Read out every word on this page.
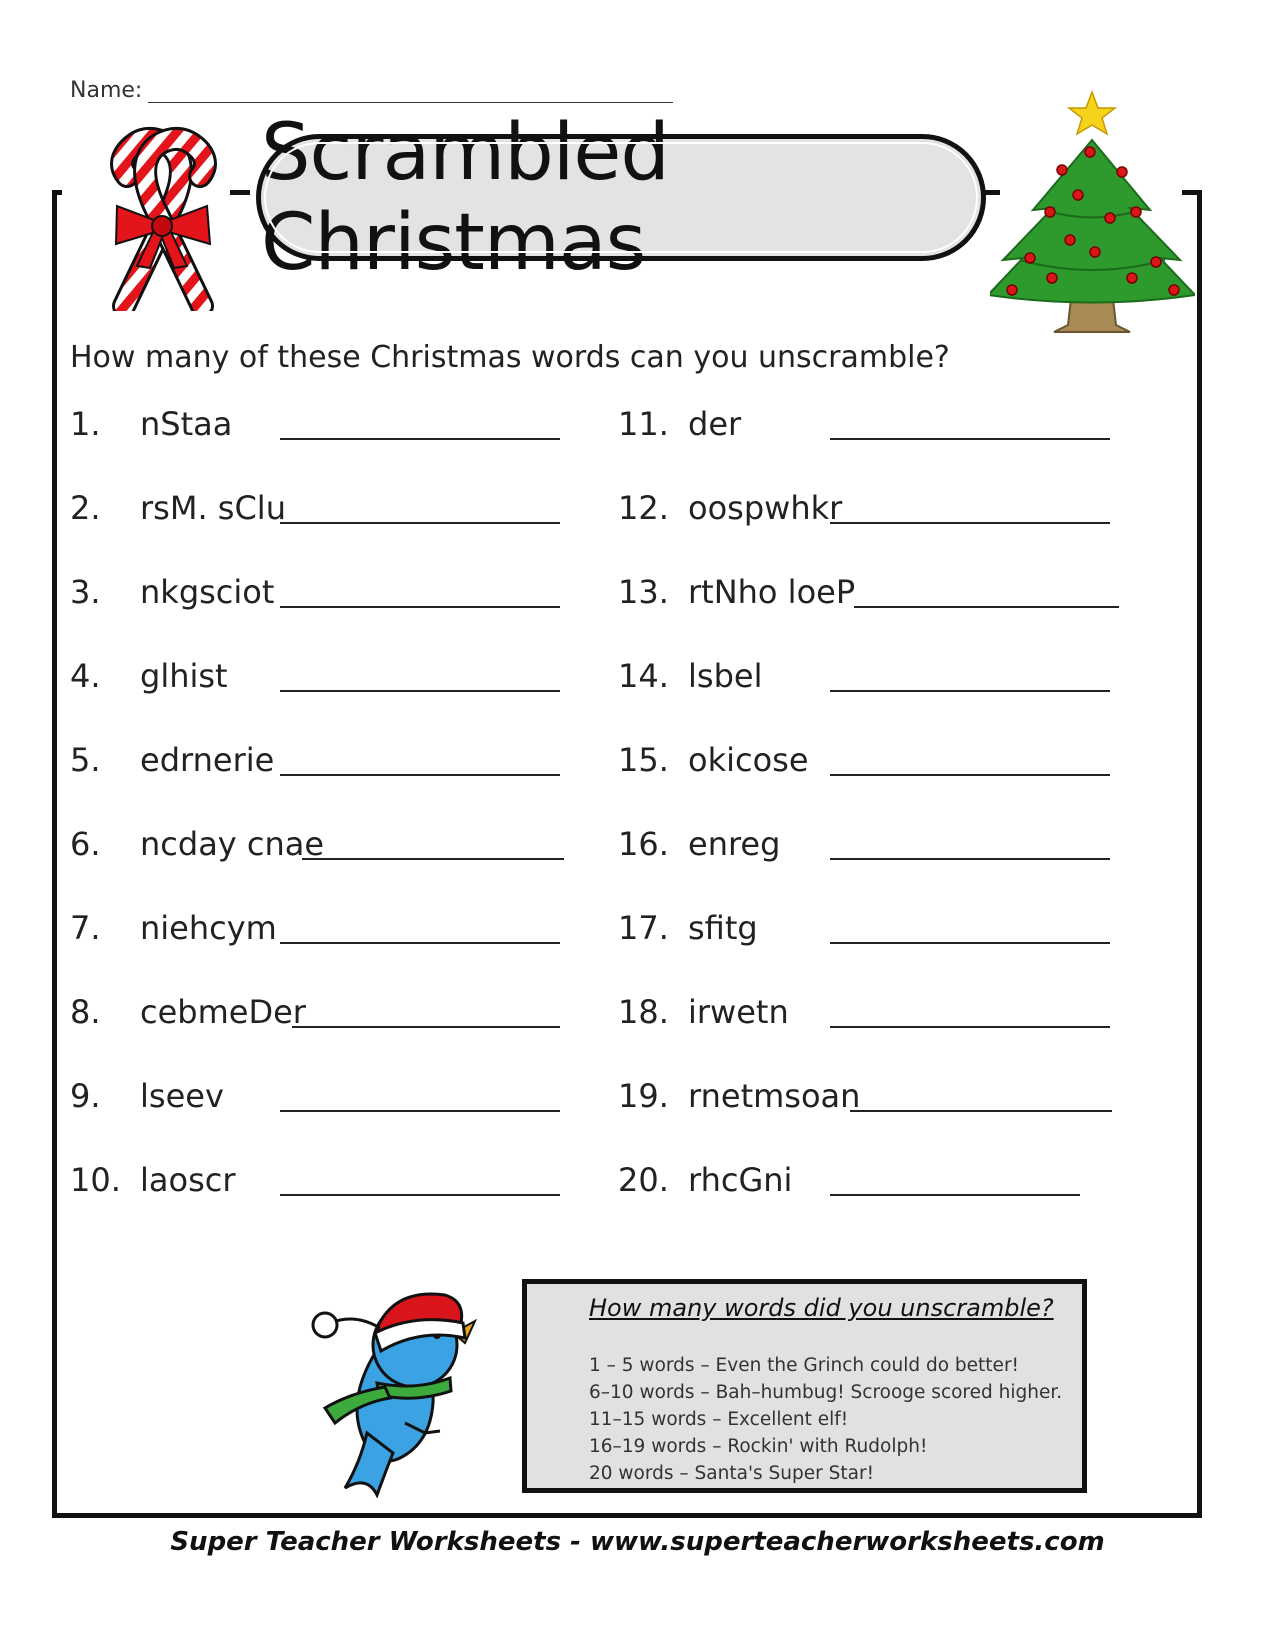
Name:
Scrambled Christmas
How many of these Christmas words can you unscramble?
1. nStaa
2. rsM. sClu
3. nkgsciot
4. glhist
5. edrnerie
6. ncday cnae
7. niehcym
8. cebmeDer
9. lseev
10. laoscr
11. der
12. oospwhkr
13. rtNho loeP
14. lsbel
15. okicose
16. enreg
17. sfitg
18. irwetn
19. rnetmsoan
20. rhcGni
How many words did you unscramble?
1 – 5 words – Even the Grinch could do better!
6–10 words – Bah–humbug! Scrooge scored higher.
11–15 words – Excellent elf!
16–19 words – Rockin' with Rudolph!
20 words – Santa's Super Star!
Super Teacher Worksheets - www.superteacherworksheets.com
